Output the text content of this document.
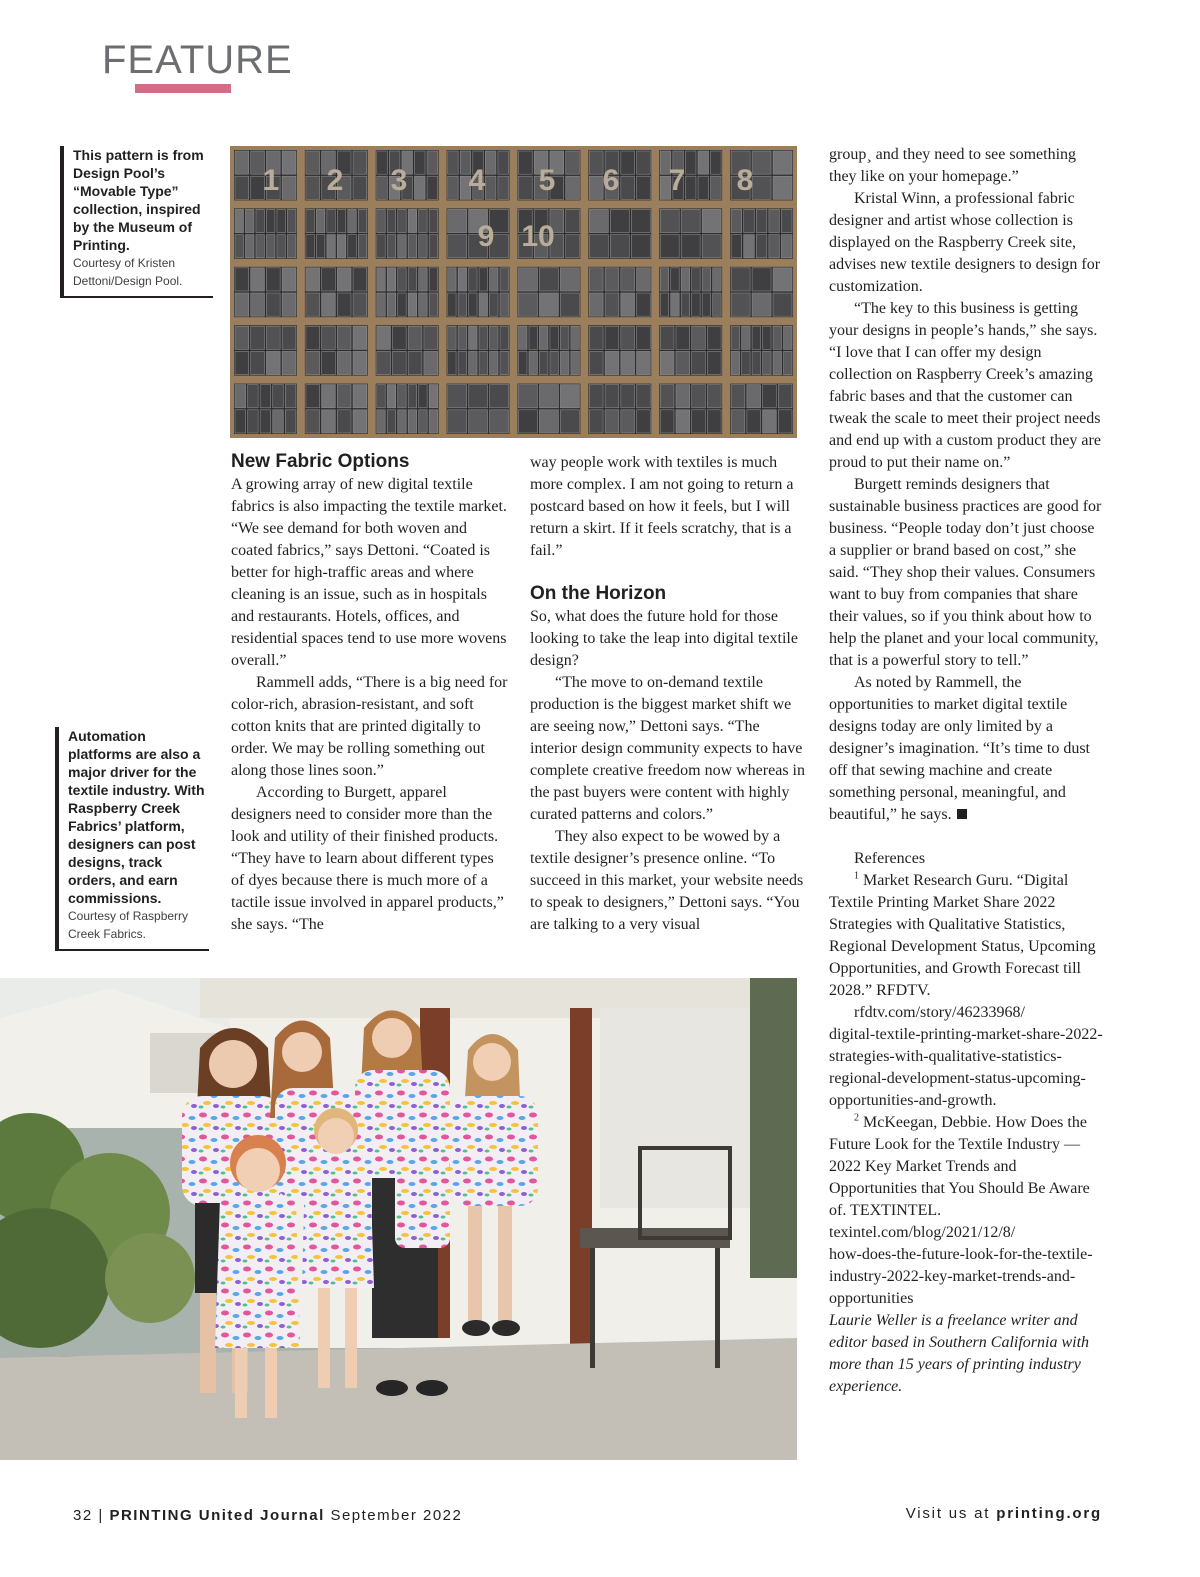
FEATURE
This pattern is from Design Pool’s “Movable Type” collection, inspired by the Museum of Printing.
Courtesy of Kristen Dettoni/Design Pool.
1 2 3 4 5 6 7 8
9 10
New Fabric Options

A growing array of new digital textile fabrics is also impacting the textile market. “We see demand for both woven and coated fabrics,” says Dettoni. “Coated is better for high-traffic areas and where cleaning is an issue, such as in hospitals and restaurants. Hotels, offices, and residential spaces tend to use more wovens overall.”

Rammell adds, “There is a big need for color-rich, abrasion-resistant, and soft cotton knits that are printed digitally to order. We may be rolling something out along those lines soon.”

According to Burgett, apparel designers need to consider more than the look and utility of their finished products. “They have to learn about different types of dyes because there is much more of a tactile issue involved in apparel products,” she says. “The

way people work with textiles is much more complex. I am not going to return a postcard based on how it feels, but I will return a skirt. If it feels scratchy, that is a fail.”

On the Horizon

So, what does the future hold for those looking to take the leap into digital textile design?

“The move to on-demand textile production is the biggest market shift we are seeing now,” Dettoni says. “The interior design community expects to have complete creative freedom now whereas in the past buyers were content with highly curated patterns and colors.”

They also expect to be wowed by a textile designer’s presence online. “To succeed in this market, your website needs to speak to designers,” Dettoni says. “You are talking to a very visual

group¸ and they need to see something they like on your homepage.”

Kristal Winn, a professional fabric designer and artist whose collection is displayed on the Raspberry Creek site, advises new textile designers to design for customization.

“The key to this business is getting your designs in people’s hands,” she says. “I love that I can offer my design collection on Raspberry Creek’s amazing fabric bases and that the customer can tweak the scale to meet their project needs and end up with a custom product they are proud to put their name on.”

Burgett reminds designers that sustainable business practices are good for business. “People today don’t just choose a supplier or brand based on cost,” she said. “They shop their values. Consumers want to buy from companies that share their values, so if you think about how to help the planet and your local community, that is a powerful story to tell.”

As noted by Rammell, the opportunities to market digital textile designs today are only limited by a designer’s imagination. “It’s time to dust off that sewing machine and create something personal, meaningful, and beautiful,” he says.

References

$^1$ Market Research Guru. “Digital Textile Printing Market Share 2022 Strategies with Qualitative Statistics, Regional Development Status, Upcoming Opportunities, and Growth Forecast till 2028.” RFDTV.

rfdtv.com/story/46233968/

digital-textile-printing-market-share-2022-strategies-with-qualitative-statistics-regional-development-status-upcoming-opportunities-and-growth.

$^2$ McKeegan, Debbie. How Does the Future Look for the Textile Industry — 2022 Key Market Trends and Opportunities that You Should Be Aware of. TEXTINTEL.

texintel.com/blog/2021/12/8/

how-does-the-future-look-for-the-textile-industry-2022-key-market-trends-and-opportunities

Laurie Weller is a freelance writer and editor based in Southern California with more than 15 years of printing industry experience.

Automation platforms are also a major driver for the textile industry. With Raspberry Creek Fabrics’ platform, designers can post designs, track orders, and earn commissions.
Courtesy of Raspberry Creek Fabrics.
32 | PRINTING United Journal September 2022	Visit us at printing.org
